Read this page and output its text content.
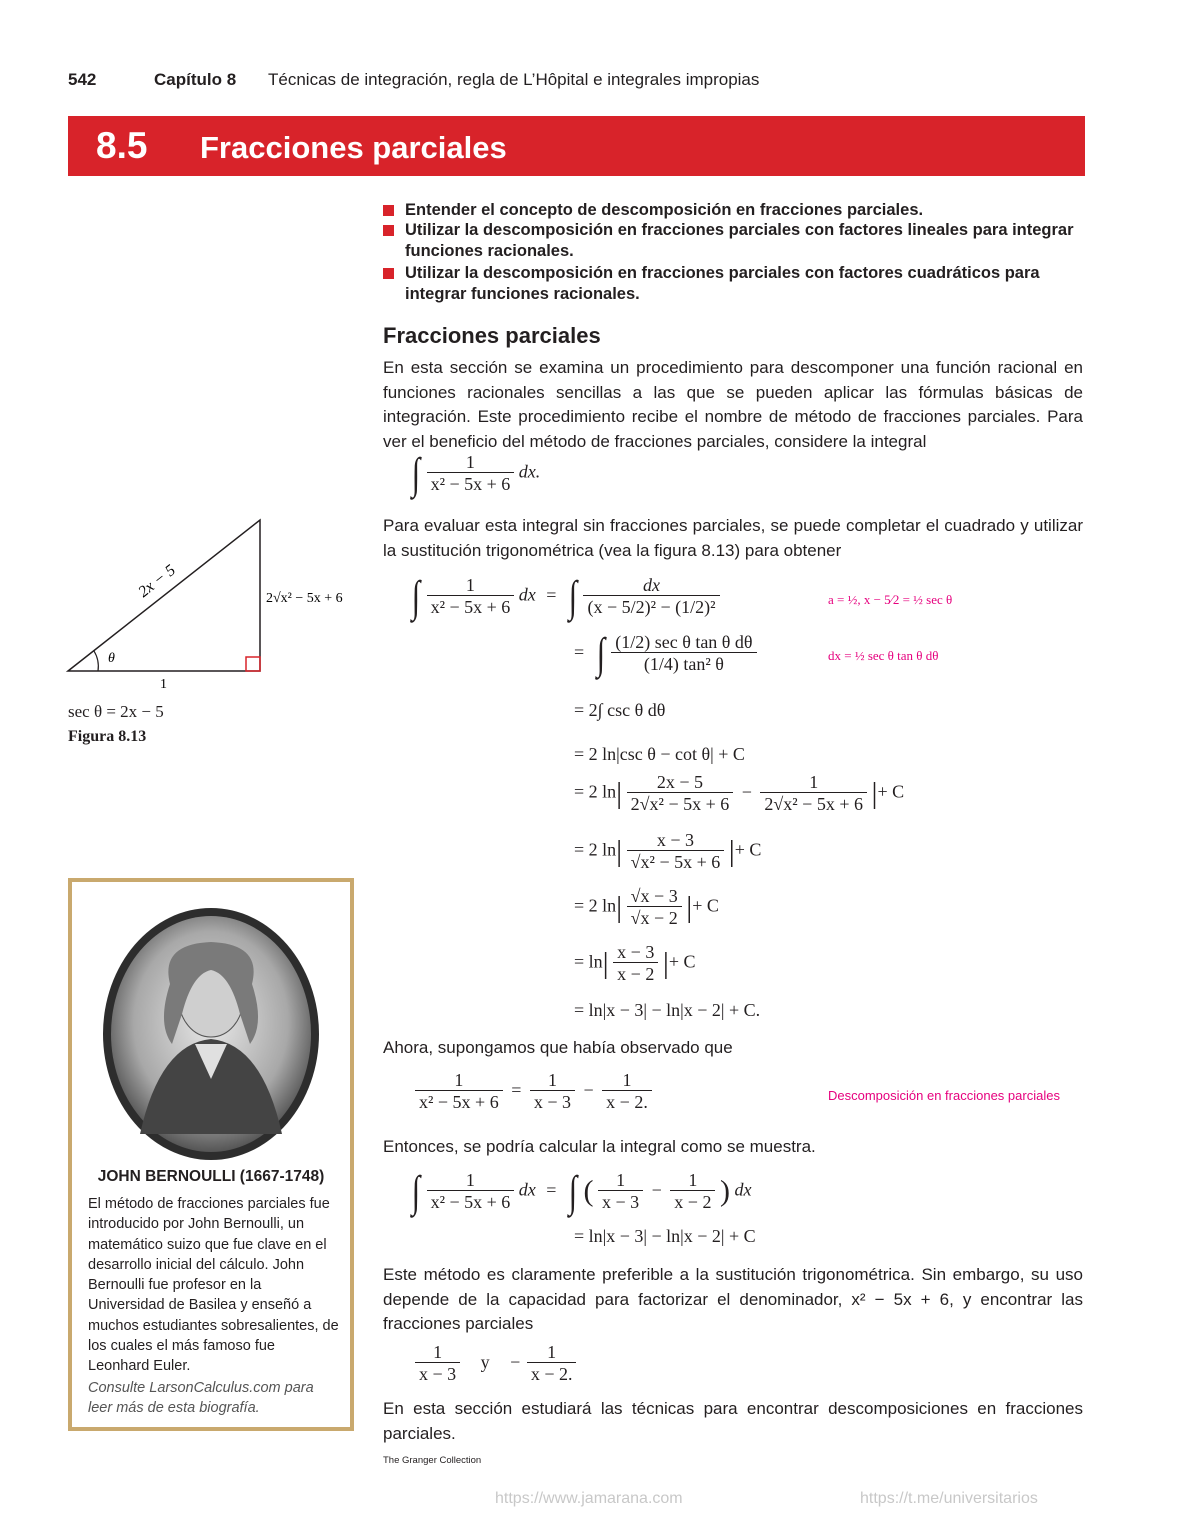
542	Capítulo 8 Técnicas de integración, regla de L’Hôpital e integrales impropias
8.5 Fracciones parciales
Entender el concepto de descomposición en fracciones parciales.
Utilizar la descomposición en fracciones parciales con factores lineales para integrar funciones racionales.
Utilizar la descomposición en fracciones parciales con factores cuadráticos para integrar funciones racionales.
Fracciones parciales
En esta sección se examina un procedimiento para descomponer una función racional en funciones racionales sencillas a las que se pueden aplicar las fórmulas básicas de integración. Este procedimiento recibe el nombre de método de fracciones parciales. Para ver el beneficio del método de fracciones parciales, considere la integral
∫ $\frac{1}{\text{x² − 5x + 6}}$ dx.
Para evaluar esta integral sin fracciones parciales, se puede completar el cuadrado y utilizar la sustitución trigonométrica (vea la figura 8.13) para obtener
∫ $\frac{1}{\text{x² − 5x + 6}}$ dx = ∫ $\frac{dx}{\text{(x − 5/2)² − (1/2)²}}$	a = ½, x − 5⁄2 = ½ sec θ
= ∫ $\frac{\text{(1/2) sec θ tan θ dθ}}{\text{(1/4) tan² θ}}$	dx = ½ sec θ tan θ dθ
= 2∫ csc θ dθ
= 2 ln|csc θ − cot θ| + C
= 2 $\ln| \frac{2x - 5}{\text{2√x² − 5x + 6}} - \frac{1}{\text{2√x² − 5x + 6}}$ |+ C
= 2 $\ln| \frac{x - 3}{\text{√x² − 5x + 6}}$ |+ C
= 2 $\ln| \frac{√x - 3}{√x - 2}$ |+ C
= $\ln| \frac{x - 3}{x - 2}$ |+ C
= ln|x − 3| − ln|x − 2| + C.
Ahora, supongamos que había observado que
$\frac{1}{\text{x² − 5x + 6}} = \frac{1}{x - 3} - \frac{1}{x - 2.}$	Descomposición en fracciones parciales
Entonces, se podría calcular la integral como se muestra.
∫ $\frac{1}{\text{x² − 5x + 6}}$ dx = ∫ ( $\frac{1}{x - 3} - \frac{1}{x - 2}$ ) dx
= ln|x − 3| − ln|x − 2| + C
Este método es claramente preferible a la sustitución trigonométrica. Sin embargo, su uso depende de la capacidad para factorizar el denominador, x² − 5x + 6, y encontrar las fracciones parciales
$\frac{1}{x - 3}$ $y - \frac{1}{x - 2.}$
En esta sección estudiará las técnicas para encontrar descomposiciones en fracciones parciales.
θ
2x − 5	2√x² − 5x + 6
1
sec θ = 2x − 5
Figura 8.13
JOHN BERNOULLI (1667-1748)
El método de fracciones parciales fue introducido por John Bernoulli, un matemático suizo que fue clave en el desarrollo inicial del cálculo. John Bernoulli fue profesor en la Universidad de Basilea y enseñó a muchos estudiantes sobresalientes, de los cuales el más famoso fue Leonhard Euler.
Consulte LarsonCalculus.com para leer más de esta biografía.
The Granger Collection
https://www.jamarana.com	https://t.me/universitarios
